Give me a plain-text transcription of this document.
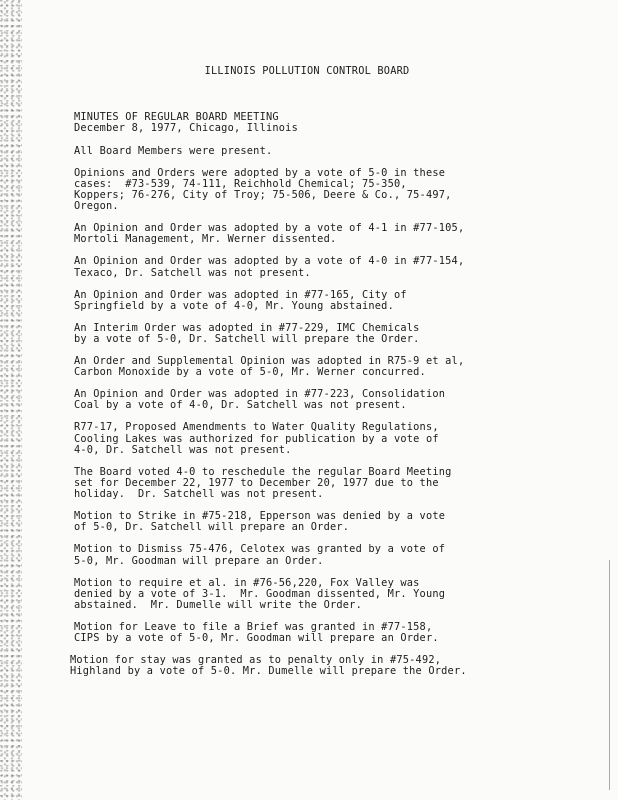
ILLINOIS POLLUTION CONTROL BOARD
MINUTES OF REGULAR BOARD MEETING
December 8, 1977, Chicago, Illinois
All Board Members were present.
Opinions and Orders were adopted by a vote of 5-0 in these
cases:  #73-539, 74-111, Reichhold Chemical; 75-350,
Koppers; 76-276, City of Troy; 75-506, Deere & Co., 75-497,
Oregon.
An Opinion and Order was adopted by a vote of 4-1 in #77-105,
Mortoli Management, Mr. Werner dissented.
An Opinion and Order was adopted by a vote of 4-0 in #77-154,
Texaco, Dr. Satchell was not present.
An Opinion and Order was adopted in #77-165, City of
Springfield by a vote of 4-0, Mr. Young abstained.
An Interim Order was adopted in #77-229, IMC Chemicals
by a vote of 5-0, Dr. Satchell will prepare the Order.
An Order and Supplemental Opinion was adopted in R75-9 et al,
Carbon Monoxide by a vote of 5-0, Mr. Werner concurred.
An Opinion and Order was adopted in #77-223, Consolidation
Coal by a vote of 4-0, Dr. Satchell was not present.
R77-17, Proposed Amendments to Water Quality Regulations,
Cooling Lakes was authorized for publication by a vote of
4-0, Dr. Satchell was not present.
The Board voted 4-0 to reschedule the regular Board Meeting
set for December 22, 1977 to December 20, 1977 due to the
holiday.  Dr. Satchell was not present.
Motion to Strike in #75-218, Epperson was denied by a vote
of 5-0, Dr. Satchell will prepare an Order.
Motion to Dismiss 75-476, Celotex was granted by a vote of
5-0, Mr. Goodman will prepare an Order.
Motion to require et al. in #76-56,220, Fox Valley was
denied by a vote of 3-1.  Mr. Goodman dissented, Mr. Young
abstained.  Mr. Dumelle will write the Order.
Motion for Leave to file a Brief was granted in #77-158,
CIPS by a vote of 5-0, Mr. Goodman will prepare an Order.
Motion for stay was granted as to penalty only in #75-492,
Highland by a vote of 5-0. Mr. Dumelle will prepare the Order.
